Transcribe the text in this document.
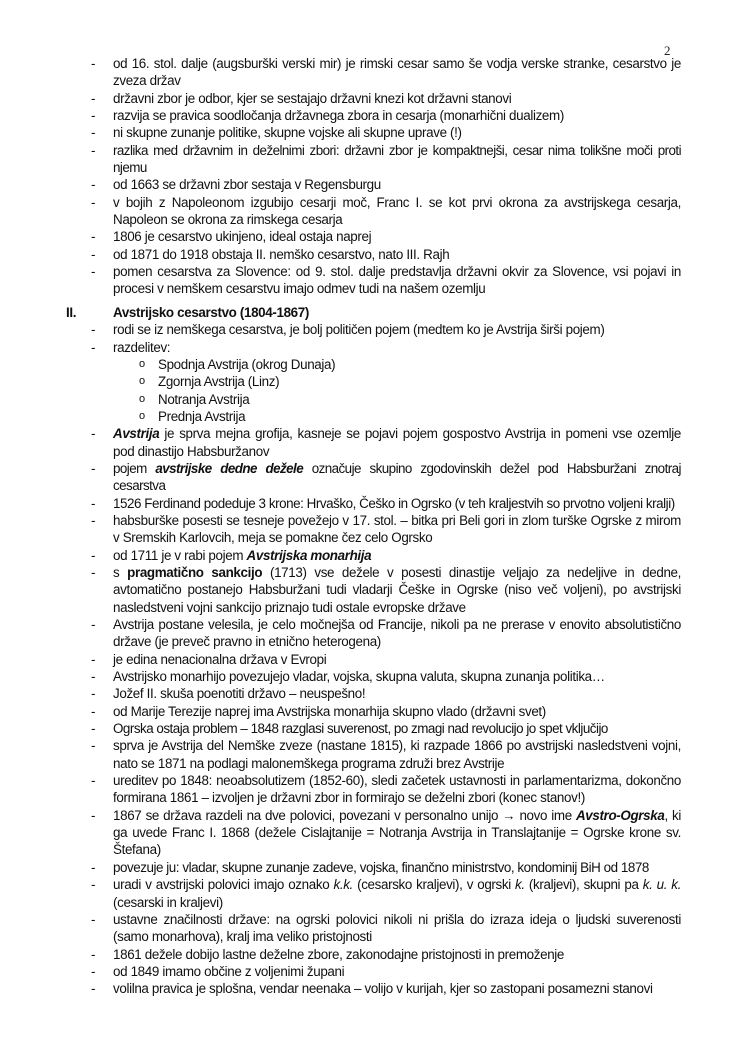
2
- od 16. stol. dalje (augsburški verski mir) je rimski cesar samo še vodja verske stranke, cesarstvo je zveza držav
- državni zbor je odbor, kjer se sestajajo državni knezi kot državni stanovi
- razvija se pravica soodločanja državnega zbora in cesarja (monarhični dualizem)
- ni skupne zunanje politike, skupne vojske ali skupne uprave (!)
- razlika med državnim in deželnimi zbori: državni zbor je kompaktnejši, cesar nima tolikšne moči proti njemu
- od 1663 se državni zbor sestaja v Regensburgu
- v bojih z Napoleonom izgubijo cesarji moč, Franc I. se kot prvi okrona za avstrijskega cesarja, Napoleon se okrona za rimskega cesarja
- 1806 je cesarstvo ukinjeno, ideal ostaja naprej
- od 1871 do 1918 obstaja II. nemško cesarstvo, nato III. Rajh
- pomen cesarstva za Slovence: od 9. stol. dalje predstavlja državni okvir za Slovence, vsi pojavi in procesi v nemškem cesarstvu imajo odmev tudi na našem ozemlju
II.	Avstrijsko cesarstvo (1804-1867)
- rodi se iz nemškega cesarstva, je bolj političen pojem (medtem ko je Avstrija širši pojem)
- razdelitev:
o Spodnja Avstrija (okrog Dunaja)
o Zgornja Avstrija (Linz)
o Notranja Avstrija
o Prednja Avstrija
- Avstrija je sprva mejna grofija, kasneje se pojavi pojem gospostvo Avstrija in pomeni vse ozemlje pod dinastijo Habsburžanov
- pojem avstrijske dedne dežele označuje skupino zgodovinskih dežel pod Habsburžani znotraj cesarstva
- 1526 Ferdinand podeduje 3 krone: Hrvaško, Češko in Ogrsko (v teh kraljestvih so prvotno voljeni kralji)
- habsburške posesti se tesneje povežejo v 17. stol. – bitka pri Beli gori in zlom turške Ogrske z mirom v Sremskih Karlovcih, meja se pomakne čez celo Ogrsko
- od 1711 je v rabi pojem Avstrijska monarhija
- s pragmatično sankcijo (1713) vse dežele v posesti dinastije veljajo za nedeljive in dedne, avtomatično postanejo Habsburžani tudi vladarji Češke in Ogrske (niso več voljeni), po avstrijski nasledstveni vojni sankcijo priznajo tudi ostale evropske države
- Avstrija postane velesila, je celo močnejša od Francije, nikoli pa ne prerase v enovito absolutistično države (je preveč pravno in etnično heterogena)
- je edina nenacionalna država v Evropi
- Avstrijsko monarhijo povezujejo vladar, vojska, skupna valuta, skupna zunanja politika…
- Jožef II. skuša poenotiti državo – neuspešno!
- od Marije Terezije naprej ima Avstrijska monarhija skupno vlado (državni svet)
- Ogrska ostaja problem – 1848 razglasi suverenost, po zmagi nad revolucijo jo spet vključijo
- sprva je Avstrija del Nemške zveze (nastane 1815), ki razpade 1866 po avstrijski nasledstveni vojni, nato se 1871 na podlagi malonemškega programa združi brez Avstrije
- ureditev po 1848: neoabsolutizem (1852-60), sledi začetek ustavnosti in parlamentarizma, dokončno formirana 1861 – izvoljen je državni zbor in formirajo se deželni zbori (konec stanov!)
- 1867 se država razdeli na dve polovici, povezani v personalno unijo → novo ime Avstro-Ogrska, ki ga uvede Franc I. 1868 (dežele Cislajtanije = Notranja Avstrija in Translajtanije = Ogrske krone sv. Štefana)
- povezuje ju: vladar, skupne zunanje zadeve, vojska, finančno ministrstvo, kondominij BiH od 1878
- uradi v avstrijski polovici imajo oznako k.k. (cesarsko kraljevi), v ogrski k. (kraljevi), skupni pa k. u. k. (cesarski in kraljevi)
- ustavne značilnosti države: na ogrski polovici nikoli ni prišla do izraza ideja o ljudski suverenosti (samo monarhova), kralj ima veliko pristojnosti
- 1861 dežele dobijo lastne deželne zbore, zakonodajne pristojnosti in premoženje
- od 1849 imamo občine z voljenimi župani
- volilna pravica je splošna, vendar neenaka – volijo v kurijah, kjer so zastopani posamezni stanovi
